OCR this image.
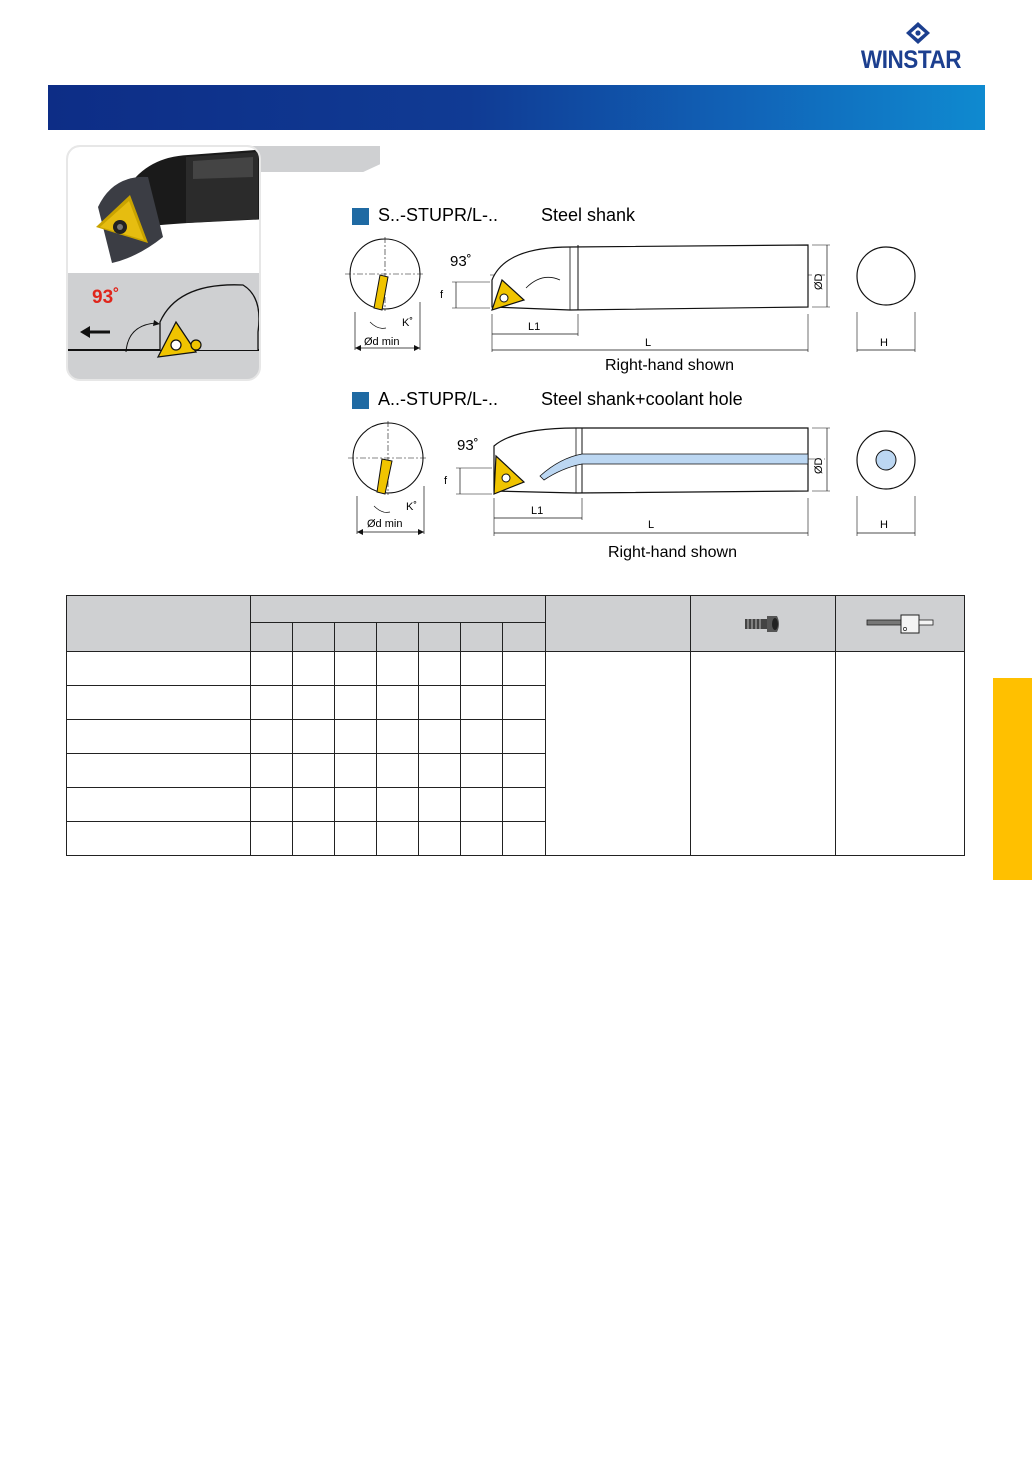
WINSTAR
93˚
S..-STUPR/L-.. Steel shank
Ød min
K˚
93˚
f
L1
L
ØD
H
Right-hand shown
A..-STUPR/L-.. Steel shank+coolant hole
Ød min
K˚
93˚
f
L1
L
ØD
H
Right-hand shown
